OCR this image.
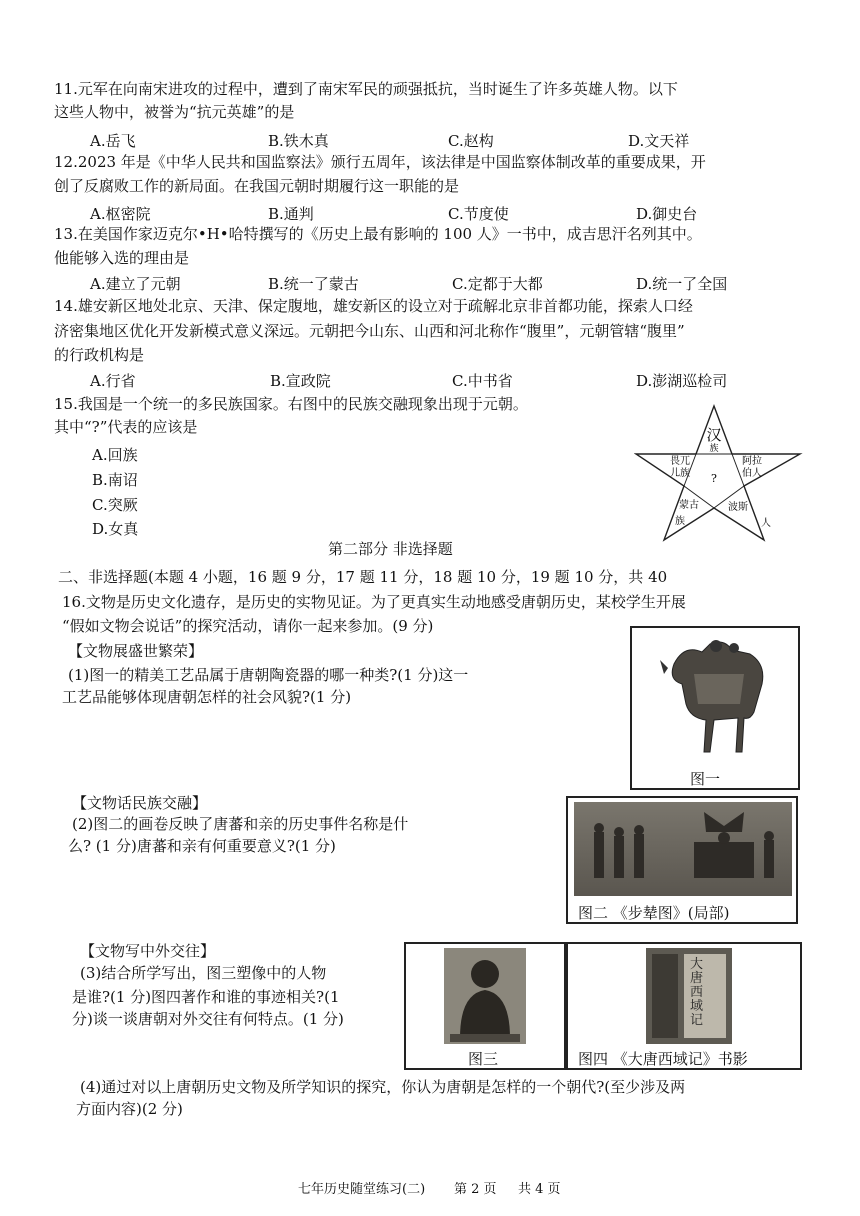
11.元军在向南宋进攻的过程中，遭到了南宋军民的顽强抵抗，当时诞生了许多英雄人物。以下
这些人物中，被誉为“抗元英雄”的是
A.岳飞	B.铁木真	C.赵构	D.文天祥
12.2023 年是《中华人民共和国监察法》颁行五周年，该法律是中国监察体制改革的重要成果，开
创了反腐败工作的新局面。在我国元朝时期履行这一职能的是
A.枢密院	B.通判	C.节度使	D.御史台
13.在美国作家迈克尔•H•哈特撰写的《历史上最有影响的 100 人》一书中，成吉思汗名列其中。
他能够入选的理由是
A.建立了元朝	B.统一了蒙古	C.定都于大都	D.统一了全国
14.雄安新区地处北京、天津、保定腹地，雄安新区的设立对于疏解北京非首都功能，探索人口经
济密集地区优化开发新模式意义深远。元朝把今山东、山西和河北称作“腹里”，元朝管辖“腹里”
的行政机构是
A.行省	B.宣政院	C.中书省	D.澎湖巡检司
15.我国是一个统一的多民族国家。右图中的民族交融现象出现于元朝。
其中“?”代表的应该是
A.回族
B.南诏
C.突厥
D.女真
汉
族
畏兀
儿族
阿拉
伯人
?
蒙古
族
波斯
人
第二部分 非选择题
二、非选择题(本题 4 小题，16 题 9 分，17 题 11 分，18 题 10 分，19 题 10 分，共 40
16.文物是历史文化遗存，是历史的实物见证。为了更真实生动地感受唐朝历史，某校学生开展
“假如文物会说话”的探究活动，请你一起来参加。(9 分)
【文物展盛世繁荣】
(1)图一的精美工艺品属于唐朝陶瓷器的哪一种类?(1 分)这一
工艺品能够体现唐朝怎样的社会风貌?(1 分)
图一
【文物话民族交融】
(2)图二的画卷反映了唐蕃和亲的历史事件名称是什
么? (1 分)唐蕃和亲有何重要意义?(1 分)
图二 《步辇图》(局部)
【文物写中外交往】
(3)结合所学写出，图三塑像中的人物
是谁?(1 分)图四著作和谁的事迹相关?(1
分)谈一谈唐朝对外交往有何特点。(1 分)
图三
大唐西域记
图四 《大唐西域记》书影
(4)通过对以上唐朝历史文物及所学知识的探究，你认为唐朝是怎样的一个朝代?(至少涉及两
方面内容)(2 分)
七年历史随堂练习(二) 第 2 页 共 4 页
